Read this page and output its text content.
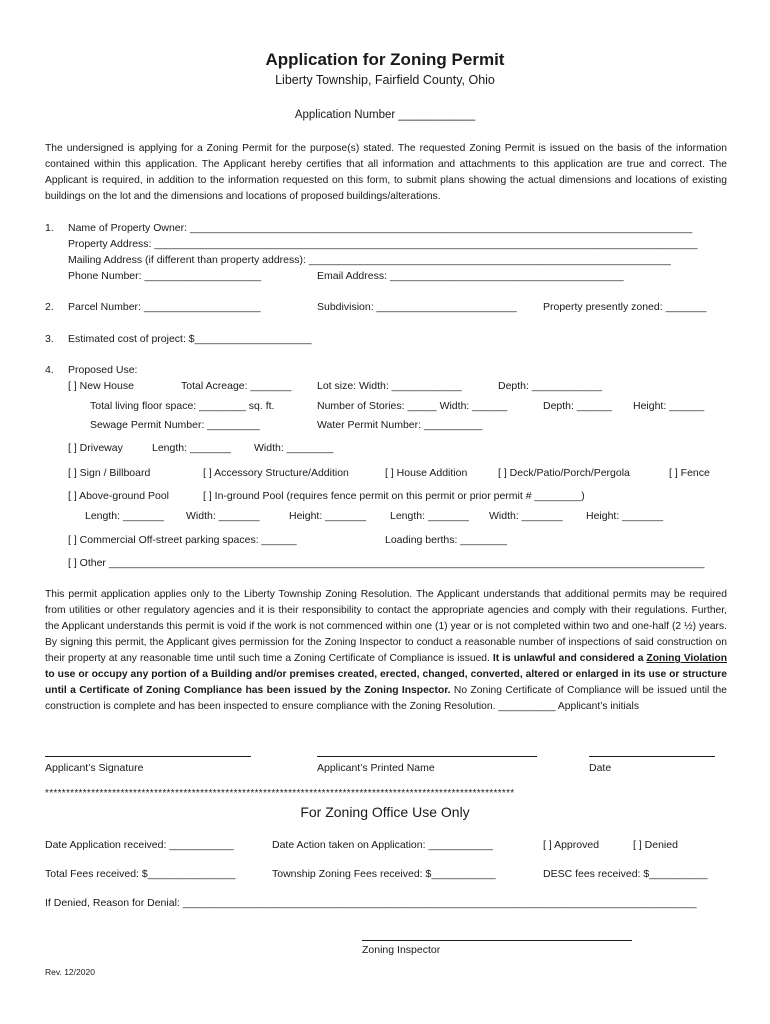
Application for Zoning Permit
Liberty Township, Fairfield County, Ohio
Application Number ____________
The undersigned is applying for a Zoning Permit for the purpose(s) stated. The requested Zoning Permit is issued on the basis of the information contained within this application. The Applicant hereby certifies that all information and attachments to this application are true and correct. The Applicant is required, in addition to the information requested on this form, to submit plans showing the actual dimensions and locations of existing buildings on the lot and the dimensions and locations of proposed buildings/alterations.
1. Name of Property Owner: ______________________________________________________________________________________
Property Address: _____________________________________________________________________________________________
Mailing Address (if different than property address): ______________________________________________________________
Phone Number: ____________________	Email Address: ________________________________________
2. Parcel Number: ____________________	Subdivision: ________________________	Property presently zoned: _______
3. Estimated cost of project: $____________________
4. Proposed Use:
[ ] New House	Total Acreage: _______ Lot size: Width: ____________	Depth: ____________
Total living floor space: ________ sq. ft.	Number of Stories: _____ Width: ______	Depth: ______ Height: ______
Sewage Permit Number: _________	Water Permit Number: __________
[ ] Driveway	Length: _______ Width: ________
[ ] Sign / Billboard	[ ] Accessory Structure/Addition	[ ] House Addition	[ ] Deck/Patio/Porch/Pergola	[ ] Fence
[ ] Above-ground Pool	[ ] In-ground Pool (requires fence permit on this permit or prior permit # ________)
Length: _______ Width: _______	Height: _______ Length: _______ Width: _______ Height: _______
[ ] Commercial Off-street parking spaces: ______	Loading berths: ________
[ ] Other ______________________________________________________________________________________________________
This permit application applies only to the Liberty Township Zoning Resolution. The Applicant understands that additional permits may be required from utilities or other regulatory agencies and it is their responsibility to contact the appropriate agencies and comply with their regulations. Further, the Applicant understands this permit is void if the work is not commenced within one (1) year or is not completed within two and one-half (2 ½) years. By signing this permit, the Applicant gives permission for the Zoning Inspector to conduct a reasonable number of inspections of said construction on their property at any reasonable time until such time a Zoning Certificate of Compliance is issued. It is unlawful and considered a Zoning Violation to use or occupy any portion of a Building and/or premises created, erected, changed, converted, altered or enlarged in its use or structure until a Certificate of Zoning Compliance has been issued by the Zoning Inspector. No Zoning Certificate of Compliance will be issued until the construction is complete and has been inspected to ensure compliance with the Zoning Resolution. __________ Applicant’s initials
Applicant’s Signature	Applicant’s Printed Name	Date
****************************************************************************************************************
For Zoning Office Use Only
Date Application received: ___________	Date Action taken on Application: ___________	[ ] Approved	[ ] Denied
Total Fees received: $_______________	Township Zoning Fees received: $___________	DESC fees received: $__________
If Denied, Reason for Denial: ________________________________________________________________________________________
Zoning Inspector
Rev. 12/2020
